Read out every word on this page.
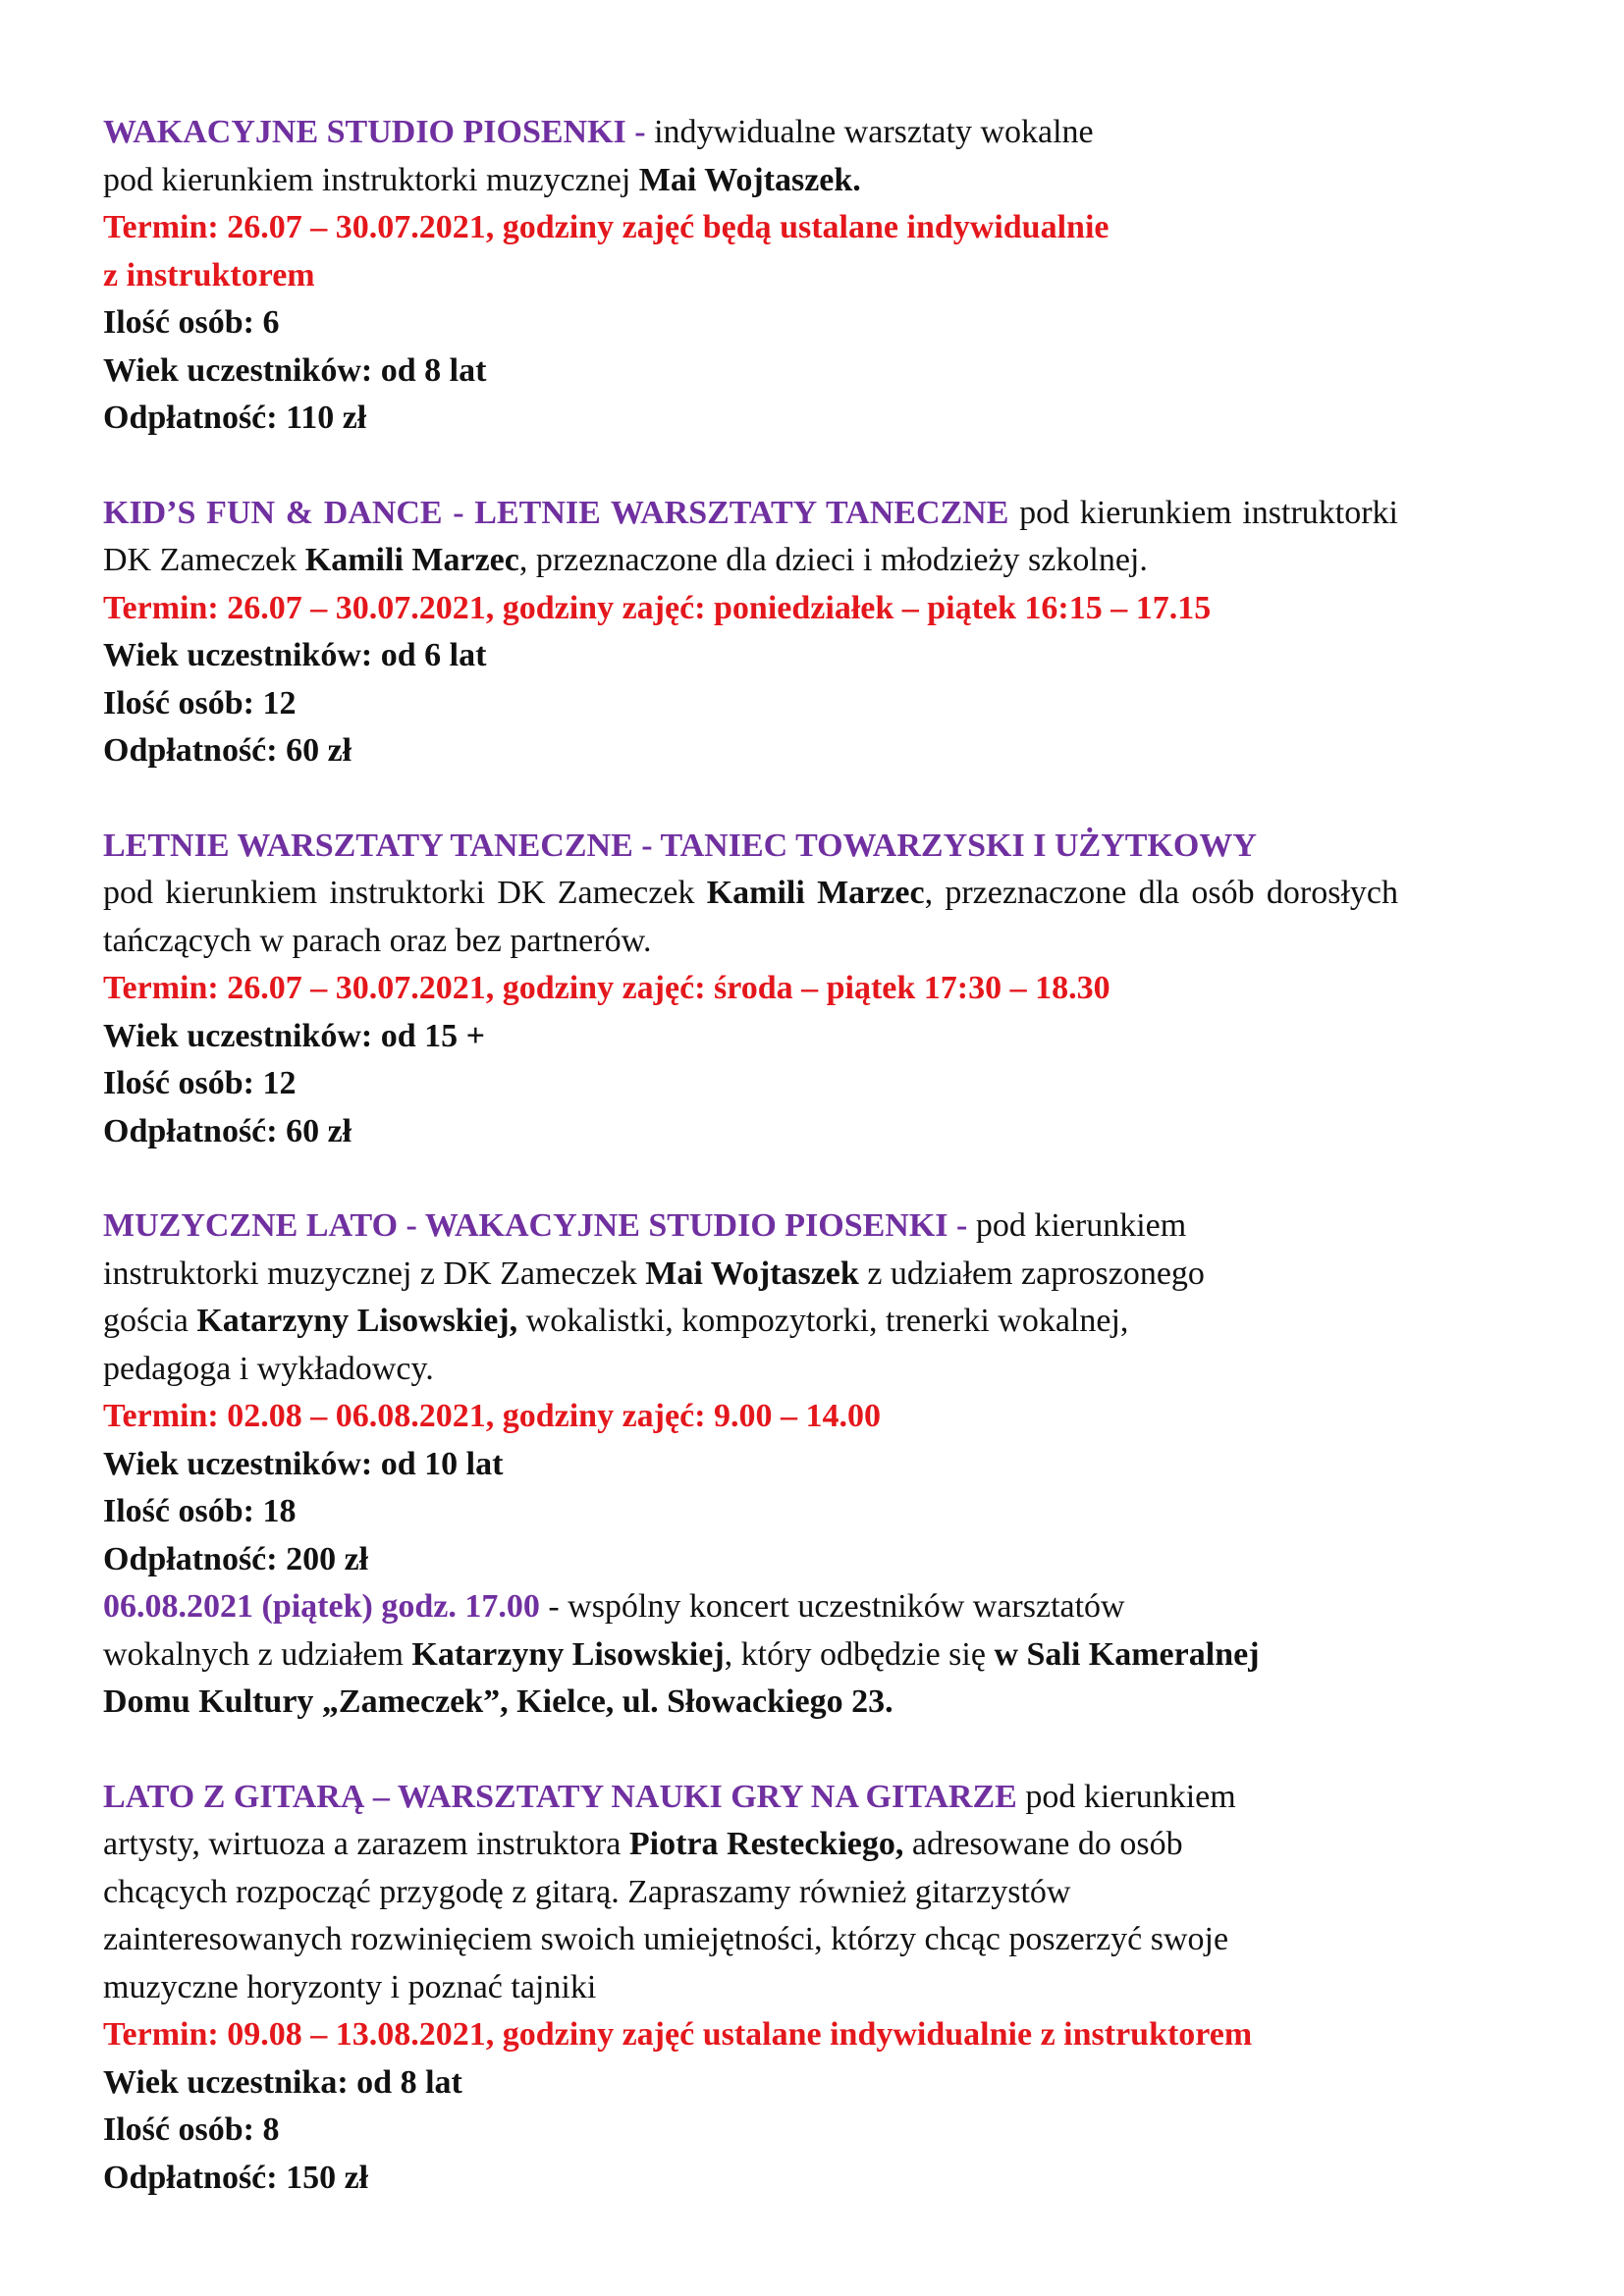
WAKACYJNE STUDIO PIOSENKI - indywidualne warsztaty wokalne
pod kierunkiem instruktorki muzycznej Mai Wojtaszek.
Termin: 26.07 – 30.07.2021, godziny zajęć będą ustalane indywidualnie
z instruktorem
Ilość osób: 6
Wiek uczestników: od 8 lat
Odpłatność: 110 zł
KID’S FUN & DANCE - LETNIE WARSZTATY TANECZNE pod kierunkiem instruktorki DK Zameczek Kamili Marzec, przeznaczone dla dzieci i młodzieży szkolnej.
Termin: 26.07 – 30.07.2021, godziny zajęć: poniedziałek – piątek 16:15 – 17.15
Wiek uczestników: od 6 lat
Ilość osób: 12
Odpłatność: 60 zł
LETNIE WARSZTATY TANECZNE - TANIEC TOWARZYSKI I UŻYTKOWY
pod kierunkiem instruktorki DK Zameczek Kamili Marzec, przeznaczone dla osób dorosłych tańczących w parach oraz bez partnerów.
Termin: 26.07 – 30.07.2021, godziny zajęć: środa – piątek 17:30 – 18.30
Wiek uczestników: od 15 +
Ilość osób: 12
Odpłatność: 60 zł
MUZYCZNE LATO - WAKACYJNE STUDIO PIOSENKI - pod kierunkiem
instruktorki muzycznej z DK Zameczek Mai Wojtaszek z udziałem zaproszonego
gościa Katarzyny Lisowskiej, wokalistki, kompozytorki, trenerki wokalnej,
pedagoga i wykładowcy.
Termin: 02.08 – 06.08.2021, godziny zajęć: 9.00 – 14.00
Wiek uczestników: od 10 lat
Ilość osób: 18
Odpłatność: 200 zł
06.08.2021 (piątek) godz. 17.00 - wspólny koncert uczestników warsztatów
wokalnych z udziałem Katarzyny Lisowskiej, który odbędzie się w Sali Kameralnej
Domu Kultury „Zameczek”, Kielce, ul. Słowackiego 23.
LATO Z GITARĄ – WARSZTATY NAUKI GRY NA GITARZE pod kierunkiem
artysty, wirtuoza a zarazem instruktora Piotra Resteckiego, adresowane do osób
chcących rozpocząć przygodę z gitarą. Zapraszamy również gitarzystów
zainteresowanych rozwinięciem swoich umiejętności, którzy chcąc poszerzyć swoje
muzyczne horyzonty i poznać tajniki
Termin: 09.08 – 13.08.2021, godziny zajęć ustalane indywidualnie z instruktorem
Wiek uczestnika: od 8 lat
Ilość osób: 8
Odpłatność: 150 zł
